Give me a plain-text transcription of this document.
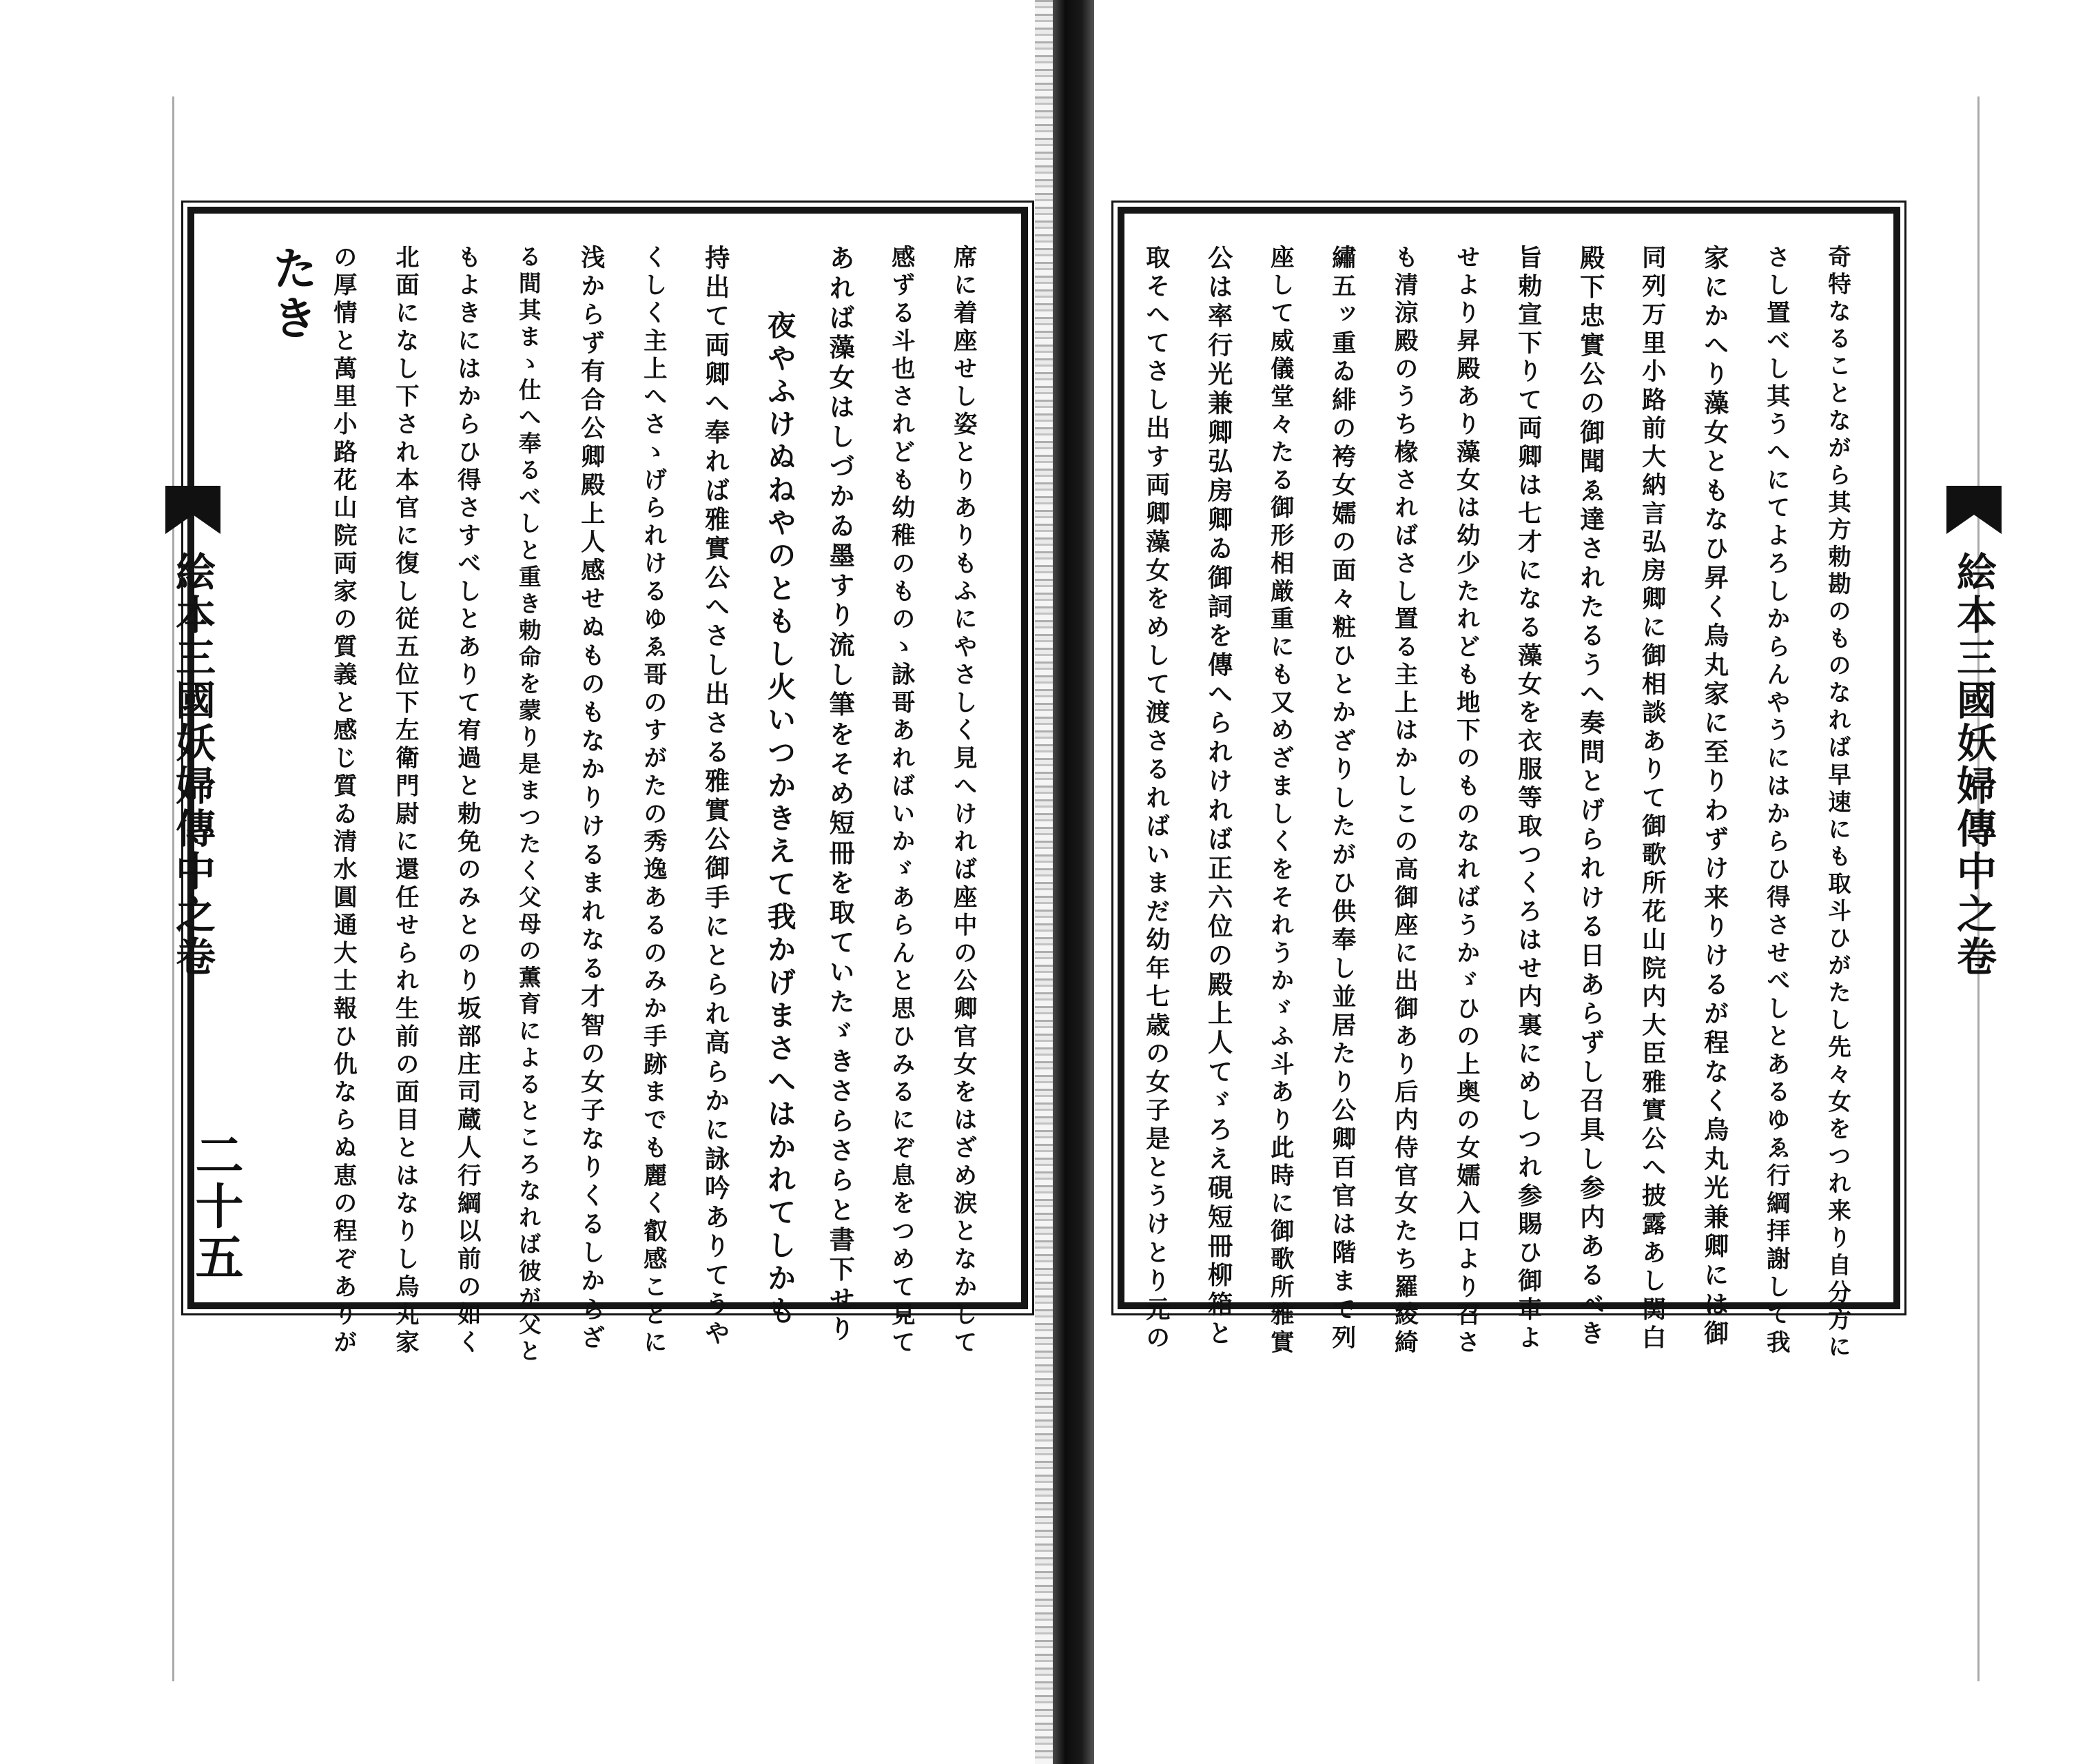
絵本三國妖婦傳中之卷
奇特なることながら其方勅勘のものなれば早速にも取斗ひがたし先々女をつれ来り自分方に
さし置べし其うへにてよろしからんやうにはからひ得させべしとあるゆゑ行綱拝謝して我
家にかへり藻女ともなひ昇く烏丸家に至りわずけ来りけるが程なく烏丸光兼卿には御
同列万里小路前大納言弘房卿に御相談ありて御歌所花山院内大臣雅實公へ披露あし関白
殿下忠實公の御聞ゑ達されたるうへ奏問とげられける日あらずし召具し参内あるべき
旨勅宣下りて両卿は七才になる藻女を衣服等取つくろはせ内裏にめしつれ参賜ひ御車よ
せより昇殿あり藻女は幼少たれども地下のものなればうかゞひの上奥の女嬬入口より召さ
も清涼殿のうち椽さればさし置る主上はかしこの高御座に出御あり后内侍官女たち羅綾綺
繡五ッ重ゐ緋の袴女嬬の面々粧ひとかざりしたがひ供奉し並居たり公卿百官は階まで列
座して威儀堂々たる御形相厳重にも又めざましくをそれうかゞふ斗あり此時に御歌所雅實
公は率行光兼卿弘房卿ゐ御詞を傳へられければ正六位の殿上人てゞろえ硯短冊柳箱と
取そへてさし出す両卿藻女をめして渡さるればいまだ幼年七歳の女子是とうけとり元の
絵本三國妖婦傳中之卷
二十五	席に着座せし姿とりありもふにやさしく見へければ座中の公卿官女をはざめ涙となかして
感ずる斗也されども幼稚のものゝ詠哥あればいかゞあらんと思ひみるにぞ息をつめて見て
あれば藻女はしづかゐ墨すり流し筆をそめ短冊を取ていたゞきさらさらと書下せり
　　夜やふけぬねやのともし火いつかきえて我かげまさへはかれてしかも
持出て両卿へ奉れば雅實公へさし出さる雅實公御手にとられ高らかに詠吟ありてうや
くしく主上へさゝげられけるゆゑ哥のすがたの秀逸あるのみか手跡までも麗く叡感ことに
浅からず有合公卿殿上人感せぬものもなかりけるまれなる才智の女子なりくるしからざ
る間其まゝ仕へ奉るべしと重き勅命を蒙り是まつたく父母の薫育によるところなれば彼が父と
もよきにはからひ得さすべしとありて宥過と勅免のみとのり坂部庄司蔵人行綱以前の如く
北面になし下され本官に復し従五位下左衛門尉に還任せられ生前の面目とはなりし烏丸家
の厚情と萬里小路花山院両家の質義と感じ質ゐ清水圓通大士報ひ仇ならぬ恵の程ぞありが
たき
